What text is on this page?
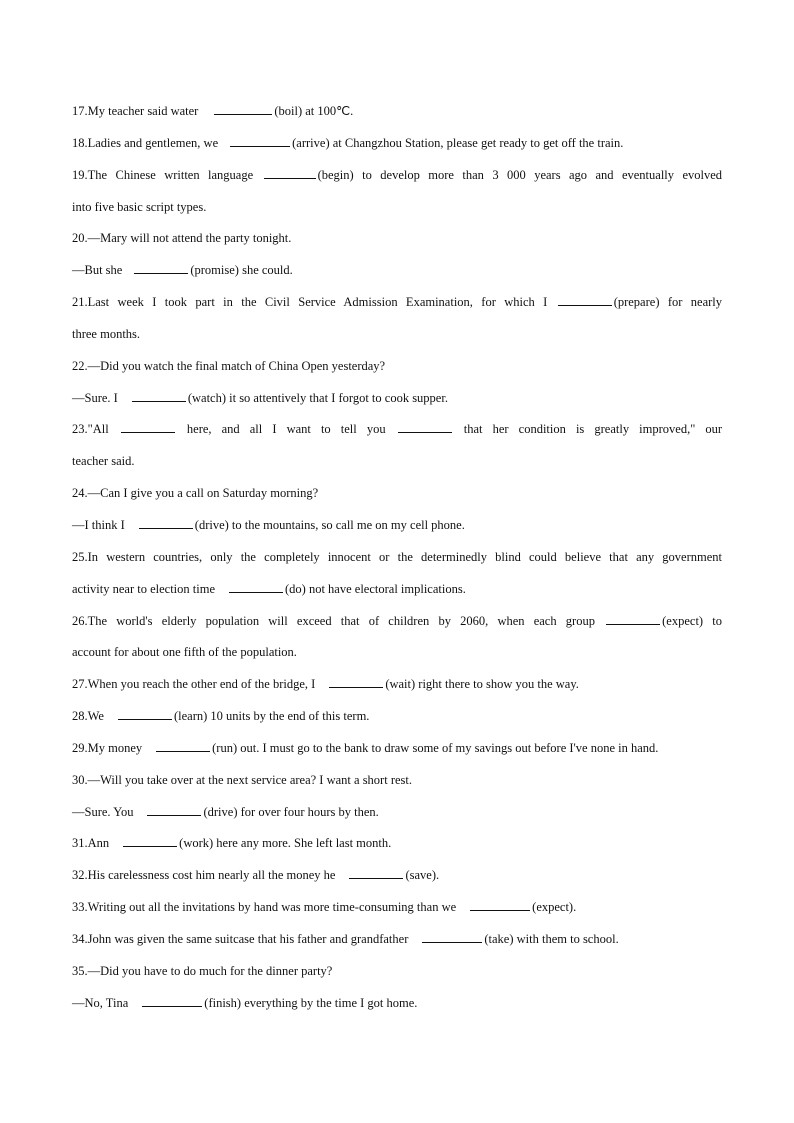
17.My teacher said water	(boil) at 100℃.
18.Ladies and gentlemen, we	(arrive) at Changzhou Station, please get ready to get off the train.
19.The Chinese written language	(begin) to develop more than 3 000 years ago and eventually evolved
into five basic script types.
20.—Mary will not attend the party tonight.
—But she	(promise) she could.
21.Last week I took part in the Civil Service Admission Examination, for which I	(prepare) for nearly
three months.
22.—Did you watch the final match of China Open yesterday?
—Sure. I	(watch) it so attentively that I forgot to cook supper.
23."All	here, and all I want to tell you	that her condition is greatly improved," our
teacher said.
24.—Can I give you a call on Saturday morning?
—I think I	(drive) to the mountains, so call me on my cell phone.
25.In western countries, only the completely innocent or the determinedly blind could believe that any government
activity near to election time	(do) not have electoral implications.
26.The world's elderly population will exceed that of children by 2060, when each group	(expect) to
account for about one fifth of the population.
27.When you reach the other end of the bridge, I	(wait) right there to show you the way.
28.We	(learn) 10 units by the end of this term.
29.My money	(run) out. I must go to the bank to draw some of my savings out before I've none in hand.
30.—Will you take over at the next service area? I want a short rest.
—Sure. You	(drive) for over four hours by then.
31.Ann	(work) here any more. She left last month.
32.His carelessness cost him nearly all the money he	(save).
33.Writing out all the invitations by hand was more time-consuming than we	(expect).
34.John was given the same suitcase that his father and grandfather	(take) with them to school.
35.—Did you have to do much for the dinner party?
—No, Tina	(finish) everything by the time I got home.
